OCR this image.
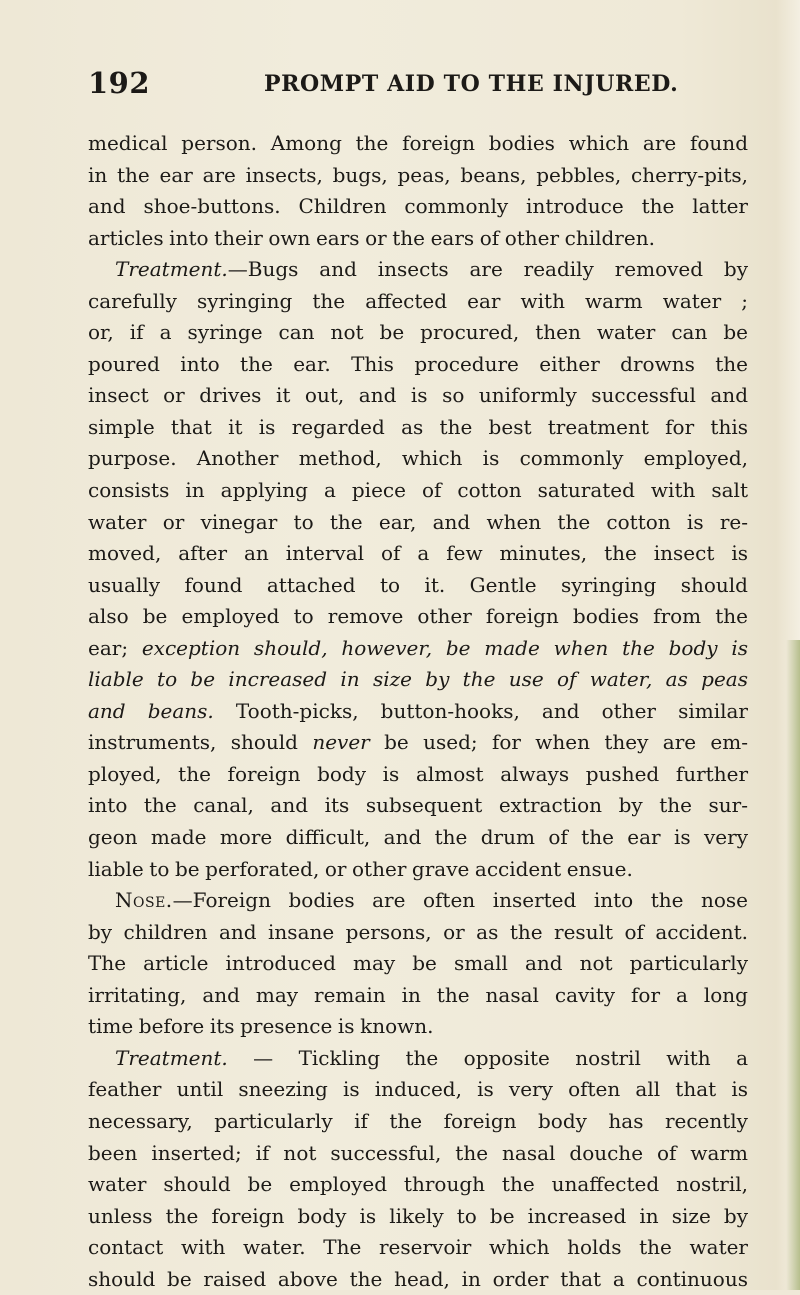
192	PROMPT AID TO THE INJURED.
medical person. Among the foreign bodies which are found
in the ear are insects, bugs, peas, beans, pebbles, cherry-pits,
and shoe-buttons. Children commonly introduce the latter
articles into their own ears or the ears of other children.
Treatment.—Bugs and insects are readily removed by
carefully syringing the affected ear with warm water ;
or, if a syringe can not be procured, then water can be
poured into the ear. This procedure either drowns the
insect or drives it out, and is so uniformly successful and
simple that it is regarded as the best treatment for this
purpose. Another method, which is commonly employed,
consists in applying a piece of cotton saturated with salt
water or vinegar to the ear, and when the cotton is re-
moved, after an interval of a few minutes, the insect is
usually found attached to it. Gentle syringing should
also be employed to remove other foreign bodies from the
ear; exception should, however, be made when the body is
liable to be increased in size by the use of water, as peas
and beans. Tooth-picks, button-hooks, and other similar
instruments, should never be used; for when they are em-
ployed, the foreign body is almost always pushed further
into the canal, and its subsequent extraction by the sur-
geon made more difficult, and the drum of the ear is very
liable to be perforated, or other grave accident ensue.
Nose.—Foreign bodies are often inserted into the nose
by children and insane persons, or as the result of accident.
The article introduced may be small and not particularly
irritating, and may remain in the nasal cavity for a long
time before its presence is known.
Treatment. — Tickling the opposite nostril with a
feather until sneezing is induced, is very often all that is
necessary, particularly if the foreign body has recently
been inserted; if not successful, the nasal douche of warm
water should be employed through the unaffected nostril,
unless the foreign body is likely to be increased in size by
contact with water. The reservoir which holds the water
should be raised above the head, in order that a continuous
